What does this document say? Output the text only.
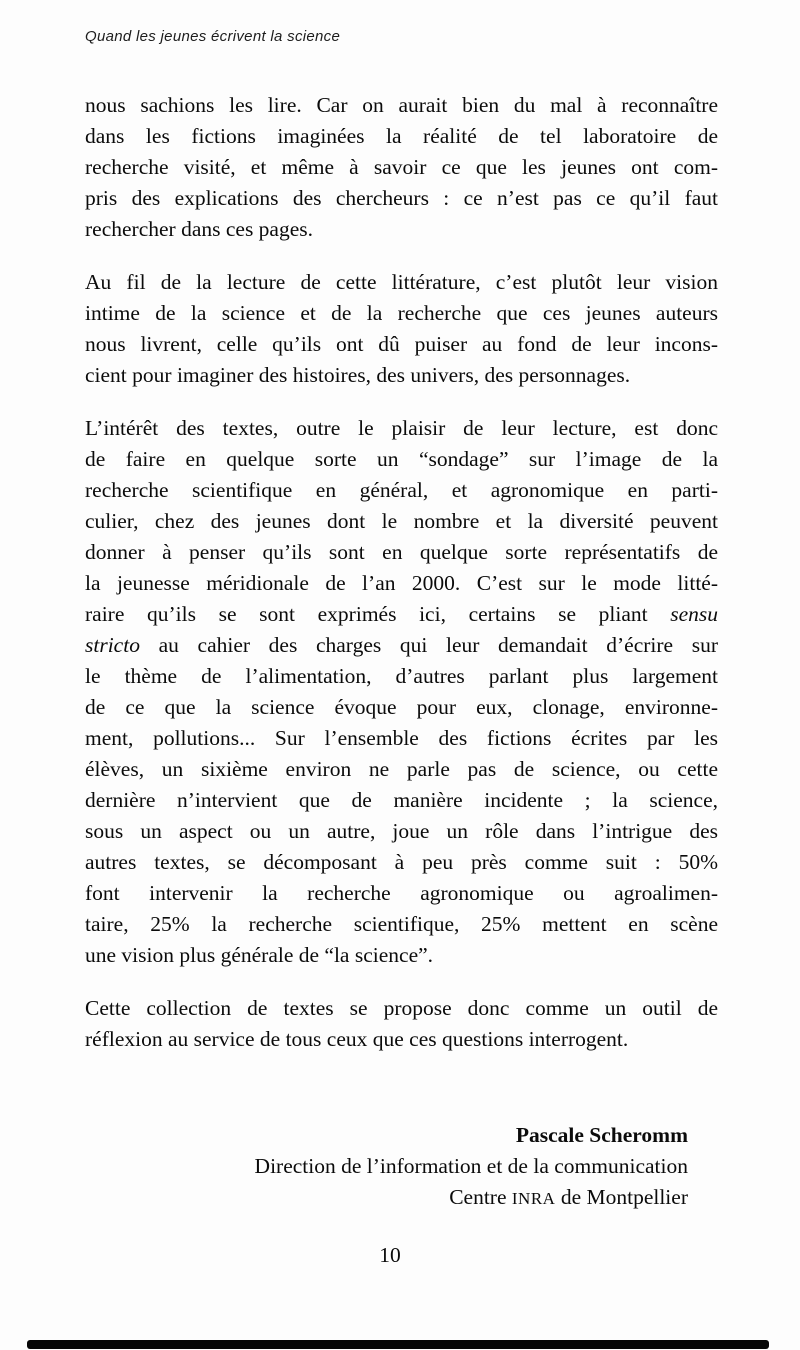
Quand les jeunes écrivent la science
nous sachions les lire. Car on aurait bien du mal à reconnaître
dans les fictions imaginées la réalité de tel laboratoire de
recherche visité, et même à savoir ce que les jeunes ont com-
pris des explications des chercheurs : ce n’est pas ce qu’il faut
rechercher dans ces pages.
Au fil de la lecture de cette littérature, c’est plutôt leur vision
intime de la science et de la recherche que ces jeunes auteurs
nous livrent, celle qu’ils ont dû puiser au fond de leur incons-
cient pour imaginer des histoires, des univers, des personnages.
L’intérêt des textes, outre le plaisir de leur lecture, est donc
de faire en quelque sorte un “sondage” sur l’image de la
recherche scientifique en général, et agronomique en parti-
culier, chez des jeunes dont le nombre et la diversité peuvent
donner à penser qu’ils sont en quelque sorte représentatifs de
la jeunesse méridionale de l’an 2000. C’est sur le mode litté-
raire qu’ils se sont exprimés ici, certains se pliant sensu
stricto au cahier des charges qui leur demandait d’écrire sur
le thème de l’alimentation, d’autres parlant plus largement
de ce que la science évoque pour eux, clonage, environne-
ment, pollutions... Sur l’ensemble des fictions écrites par les
élèves, un sixième environ ne parle pas de science, ou cette
dernière n’intervient que de manière incidente ; la science,
sous un aspect ou un autre, joue un rôle dans l’intrigue des
autres textes, se décomposant à peu près comme suit : 50%
font intervenir la recherche agronomique ou agroalimen-
taire, 25% la recherche scientifique, 25% mettent en scène
une vision plus générale de “la science”.
Cette collection de textes se propose donc comme un outil de
réflexion au service de tous ceux que ces questions interrogent.
Pascale Scheromm
Direction de l’information et de la communication
Centre INRA de Montpellier
10
